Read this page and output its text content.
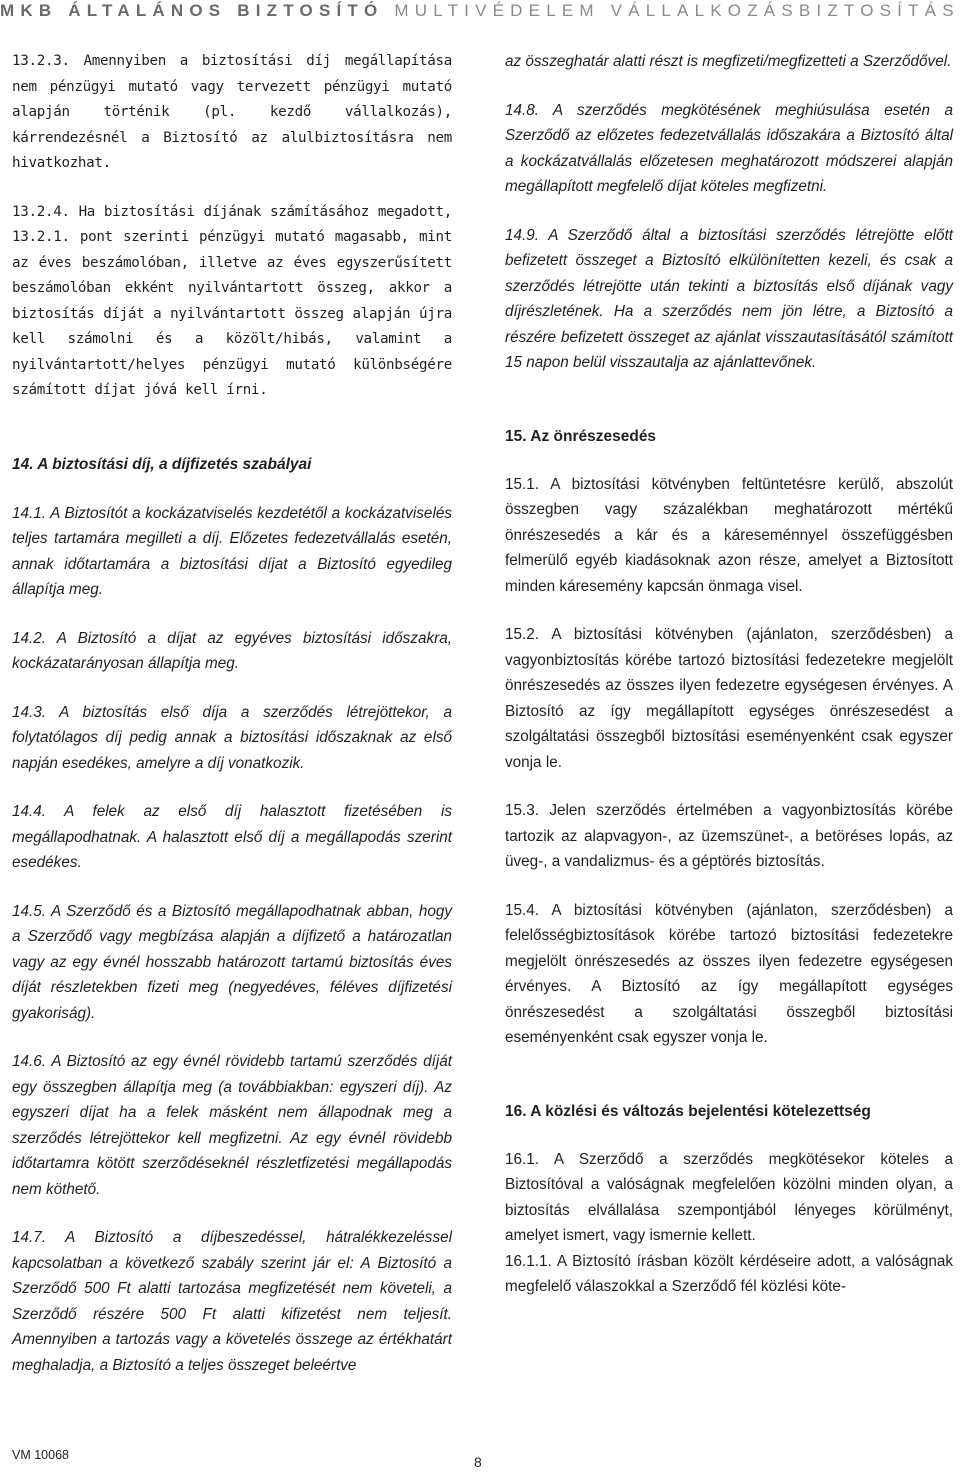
MKB ÁLTALÁNOS BIZTOSÍTÓ MULTIVÉDELEM VÁLLALKOZÁSBIZTOSÍTÁS

13.2.3. Amennyiben a biztosítási díj megállapítása nem pénzügyi mutató vagy tervezett pénzügyi mutató alapján történik (pl. kezdő vállalkozás), kárrendezésnél a Biztosító az alulbiztosításra nem hivatkozhat.

13.2.4. Ha biztosítási díjának számításához megadott, 13.2.1. pont szerinti pénzügyi mutató magasabb, mint az éves beszámolóban, illetve az éves egyszerűsített beszámolóban ekként nyilvántartott összeg, akkor a biztosítás díját a nyilvántartott összeg alapján újra kell számolni és a közölt/hibás, valamint a nyilvántartott/helyes pénzügyi mutató különbségére számított díjat jóvá kell írni.

14. A biztosítási díj, a díjfizetés szabályai

14.1. A Biztosítót a kockázatviselés kezdetétől a kockázatviselés teljes tartamára megilleti a díj. Előzetes fedezetvállalás esetén, annak időtartamára a biztosítási díjat a Biztosító egyedileg állapítja meg.

14.2. A Biztosító a díjat az egyéves biztosítási időszakra, kockázatarányosan állapítja meg.

14.3. A biztosítás első díja a szerződés létrejöttekor, a folytatólagos díj pedig annak a biztosítási időszaknak az első napján esedékes, amelyre a díj vonatkozik.

14.4. A felek az első díj halasztott fizetésében is megállapodhatnak. A halasztott első díj a megállapodás szerint esedékes.

14.5. A Szerződő és a Biztosító megállapodhatnak abban, hogy a Szerződő vagy megbízása alapján a díjfizető a határozatlan vagy az egy évnél hosszabb határozott tartamú biztosítás éves díját részletekben fizeti meg (negyedéves, féléves díjfizetési gyakoriság).

14.6. A Biztosító az egy évnél rövidebb tartamú szerződés díját egy összegben állapítja meg (a továbbiakban: egyszeri díj). Az egyszeri díjat ha a felek másként nem állapodnak meg a szerződés létrejöttekor kell megfizetni. Az egy évnél rövidebb időtartamra kötött szerződéseknél részletfizetési megállapodás nem köthető.

14.7. A Biztosító a díjbeszedéssel, hátralékkezeléssel kapcsolatban a következő szabály szerint jár el: A Biztosító a Szerződő 500 Ft alatti tartozása megfizetését nem követeli, a Szerződő részére 500 Ft alatti kifizetést nem teljesít. Amennyiben a tartozás vagy a követelés összege az értékhatárt meghaladja, a Biztosító a teljes összeget beleértve

az összeghatár alatti részt is megfizeti/megfizetteti a Szerződővel.

14.8. A szerződés megkötésének meghiúsulása esetén a Szerződő az előzetes fedezetvállalás időszakára a Biztosító által a kockázatvállalás előzetesen meghatározott módszerei alapján megállapított megfelelő díjat köteles megfizetni.

14.9. A Szerződő által a biztosítási szerződés létrejötte előtt befizetett összeget a Biztosító elkülönítetten kezeli, és csak a szerződés létrejötte után tekinti a biztosítás első díjának vagy díjrészletének. Ha a szerződés nem jön létre, a Biztosító a részére befizetett összeget az ajánlat visszautasításától számított 15 napon belül visszautalja az ajánlattevőnek.

15. Az önrészesedés

15.1. A biztosítási kötvényben feltüntetésre kerülő, abszolút összegben vagy százalékban meghatározott mértékű önrészesedés a kár és a káreseménnyel összefüggésben felmerülő egyéb kiadásoknak azon része, amelyet a Biztosított minden káresemény kapcsán önmaga visel.

15.2. A biztosítási kötvényben (ajánlaton, szerződésben) a vagyonbiztosítás körébe tartozó biztosítási fedezetekre megjelölt önrészesedés az összes ilyen fedezetre egységesen érvényes. A Biztosító az így megállapított egységes önrészesedést a szolgáltatási összegből biztosítási eseményenként csak egyszer vonja le.

15.3. Jelen szerződés értelmében a vagyonbiztosítás körébe tartozik az alapvagyon-, az üzemszünet-, a betöréses lopás, az üveg-, a vandalizmus- és a géptörés biztosítás.

15.4. A biztosítási kötvényben (ajánlaton, szerződésben) a felelősségbiztosítások körébe tartozó biztosítási fedezetekre megjelölt önrészesedés az összes ilyen fedezetre egységesen érvényes. A Biztosító az így megállapított egységes önrészesedést a szolgáltatási összegből biztosítási eseményenként csak egyszer vonja le.

16. A közlési és változás bejelentési kötelezettség

16.1. A Szerződő a szerződés megkötésekor köteles a Biztosítóval a valóságnak megfelelően közölni minden olyan, a biztosítás elvállalása szempontjából lényeges körülményt, amelyet ismert, vagy ismernie kellett.

16.1.1. A Biztosító írásban közölt kérdéseire adott, a valóságnak megfelelő válaszokkal a Szerződő fél közlési köte-

VM 10068	8
